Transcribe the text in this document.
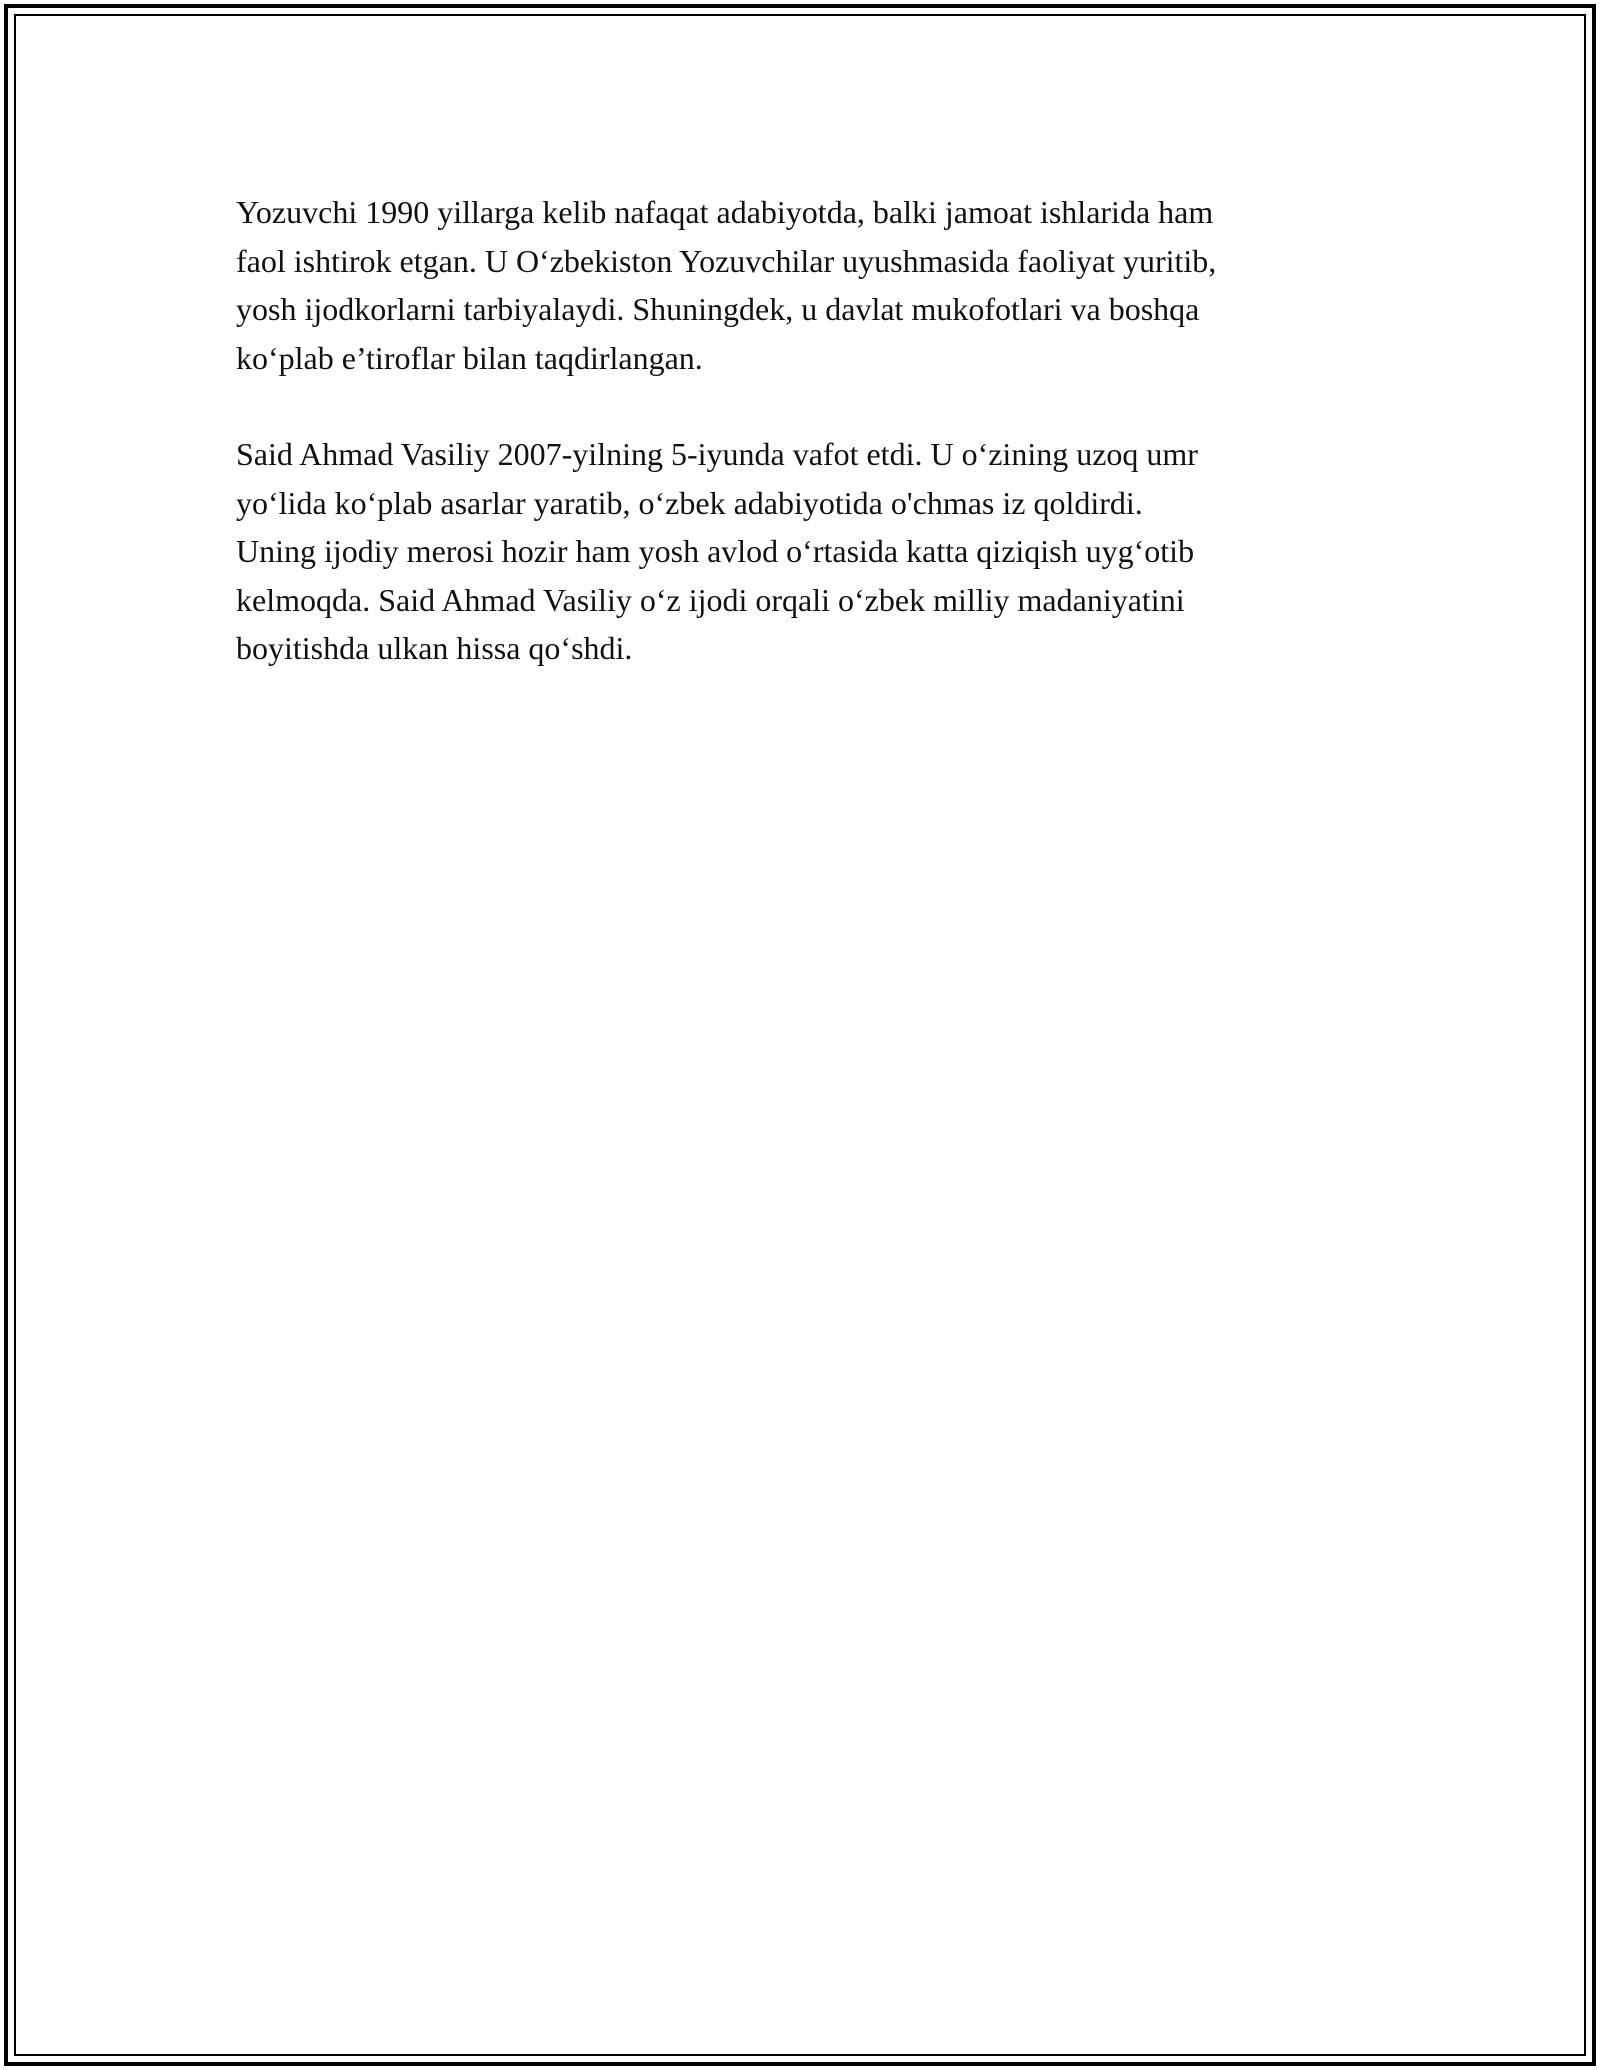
Yozuvchi 1990 yillarga kelib nafaqat adabiyotda, balki jamoat ishlarida ham
faol ishtirok etgan. U O‘zbekiston Yozuvchilar uyushmasida faoliyat yuritib,
yosh ijodkorlarni tarbiyalaydi. Shuningdek, u davlat mukofotlari va boshqa
ko‘plab e’tiroflar bilan taqdirlangan.

Said Ahmad Vasiliy 2007-yilning 5-iyunda vafot etdi. U o‘zining uzoq umr
yo‘lida ko‘plab asarlar yaratib, o‘zbek adabiyotida o'chmas iz qoldirdi.
Uning ijodiy merosi hozir ham yosh avlod o‘rtasida katta qiziqish uyg‘otib
kelmoqda. Said Ahmad Vasiliy o‘z ijodi orqali o‘zbek milliy madaniyatini
boyitishda ulkan hissa qo‘shdi.
